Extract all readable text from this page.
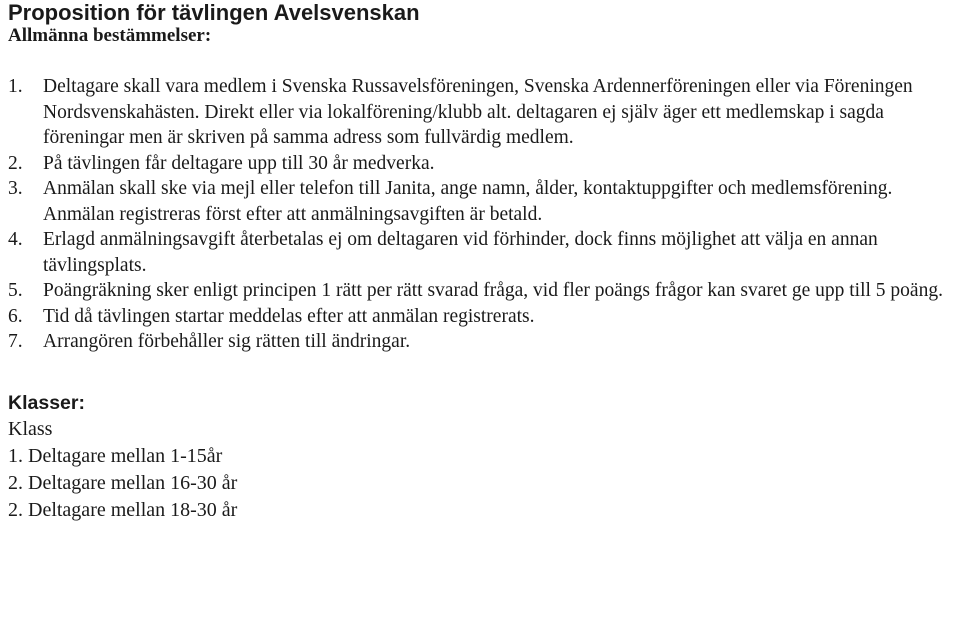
Proposition för tävlingen Avelsvenskan
Allmänna bestämmelser:
1. Deltagare skall vara medlem i Svenska Russavelsföreningen, Svenska Ardennerföreningen eller via Föreningen Nordsvenskahästen. Direkt eller via lokalförening/klubb alt. deltagaren ej själv äger ett medlemskap i sagda föreningar men är skriven på samma adress som fullvärdig medlem.
2. På tävlingen får deltagare upp till 30 år medverka.
3. Anmälan skall ske via mejl eller telefon till Janita, ange namn, ålder, kontaktuppgifter och medlemsförening. Anmälan registreras först efter att anmälningsavgiften är betald.
4. Erlagd anmälningsavgift återbetalas ej om deltagaren vid förhinder, dock finns möjlighet att välja en annan tävlingsplats.
5. Poängräkning sker enligt principen 1 rätt per rätt svarad fråga, vid fler poängs frågor kan svaret ge upp till 5 poäng.
6. Tid då tävlingen startar meddelas efter att anmälan registrerats.
7. Arrangören förbehåller sig rätten till ändringar.
Klasser:
Klass
1. Deltagare mellan 1-15år
2. Deltagare mellan 16-30 år
2. Deltagare mellan 18-30 år
